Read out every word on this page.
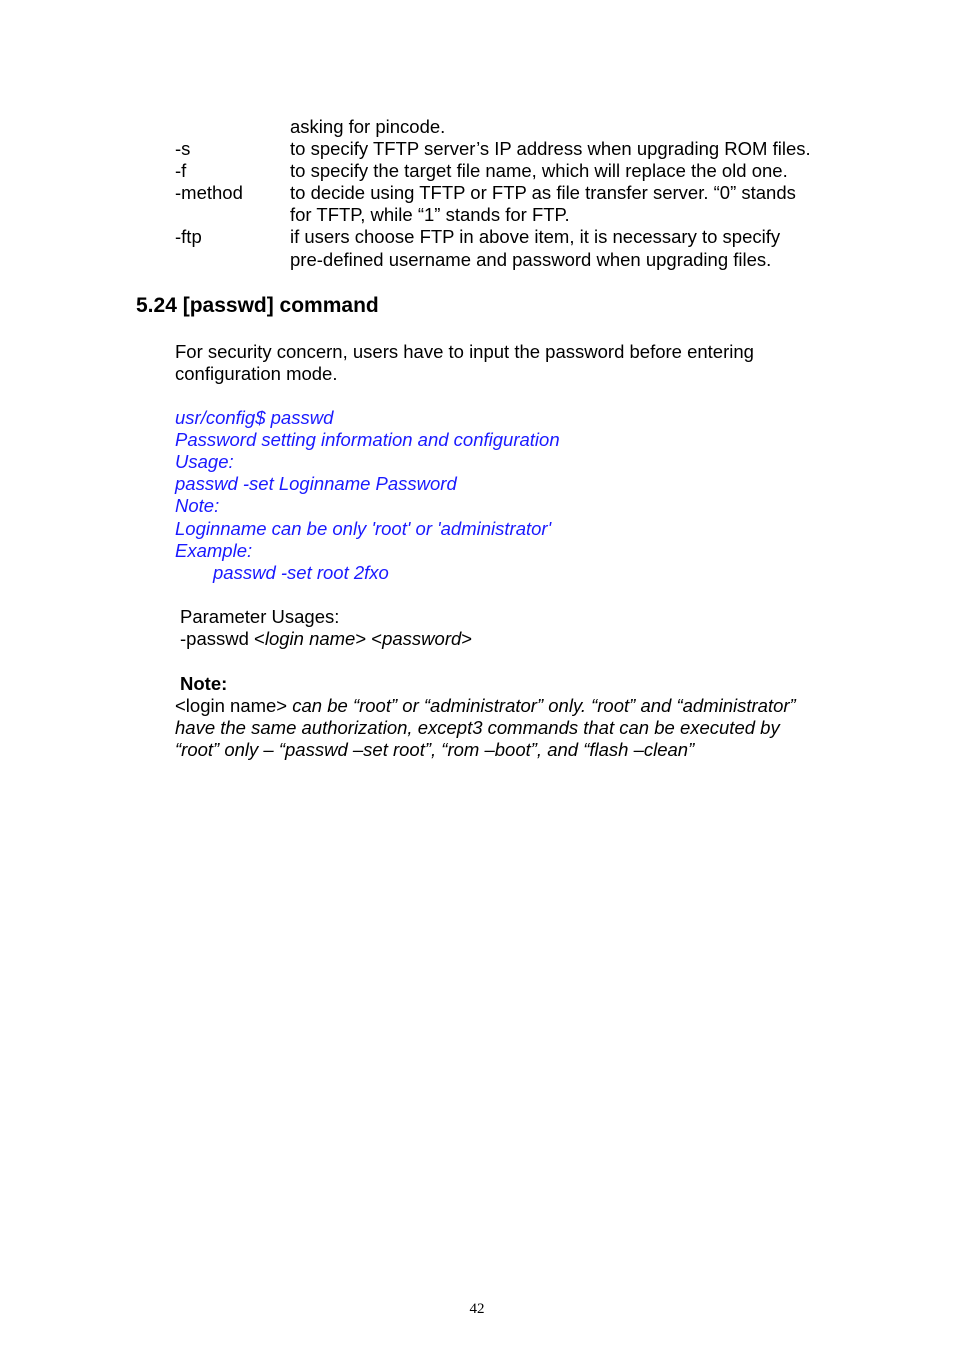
asking for pincode.
-s	to specify TFTP server’s IP address when upgrading ROM files.
-f	to specify the target file name, which will replace the old one.
-method	to decide using TFTP or FTP as file transfer server. “0” stands
for TFTP, while “1” stands for FTP.
-ftp	if users choose FTP in above item, it is necessary to specify
pre-defined username and password when upgrading files.
5.24 [passwd] command
For security concern, users have to input the password before entering
configuration mode.
usr/config$ passwd
Password setting information and configuration
Usage:
passwd -set Loginname Password
Note:
Loginname can be only 'root' or 'administrator'
Example:
passwd -set root 2fxo
Parameter Usages:
-passwd <login name> <password>
Note:
<login name> can be “root” or “administrator” only. “root” and “administrator”
have the same authorization, except3 commands that can be executed by
“root” only – “passwd –set root”, “rom –boot”, and “flash –clean”
42
